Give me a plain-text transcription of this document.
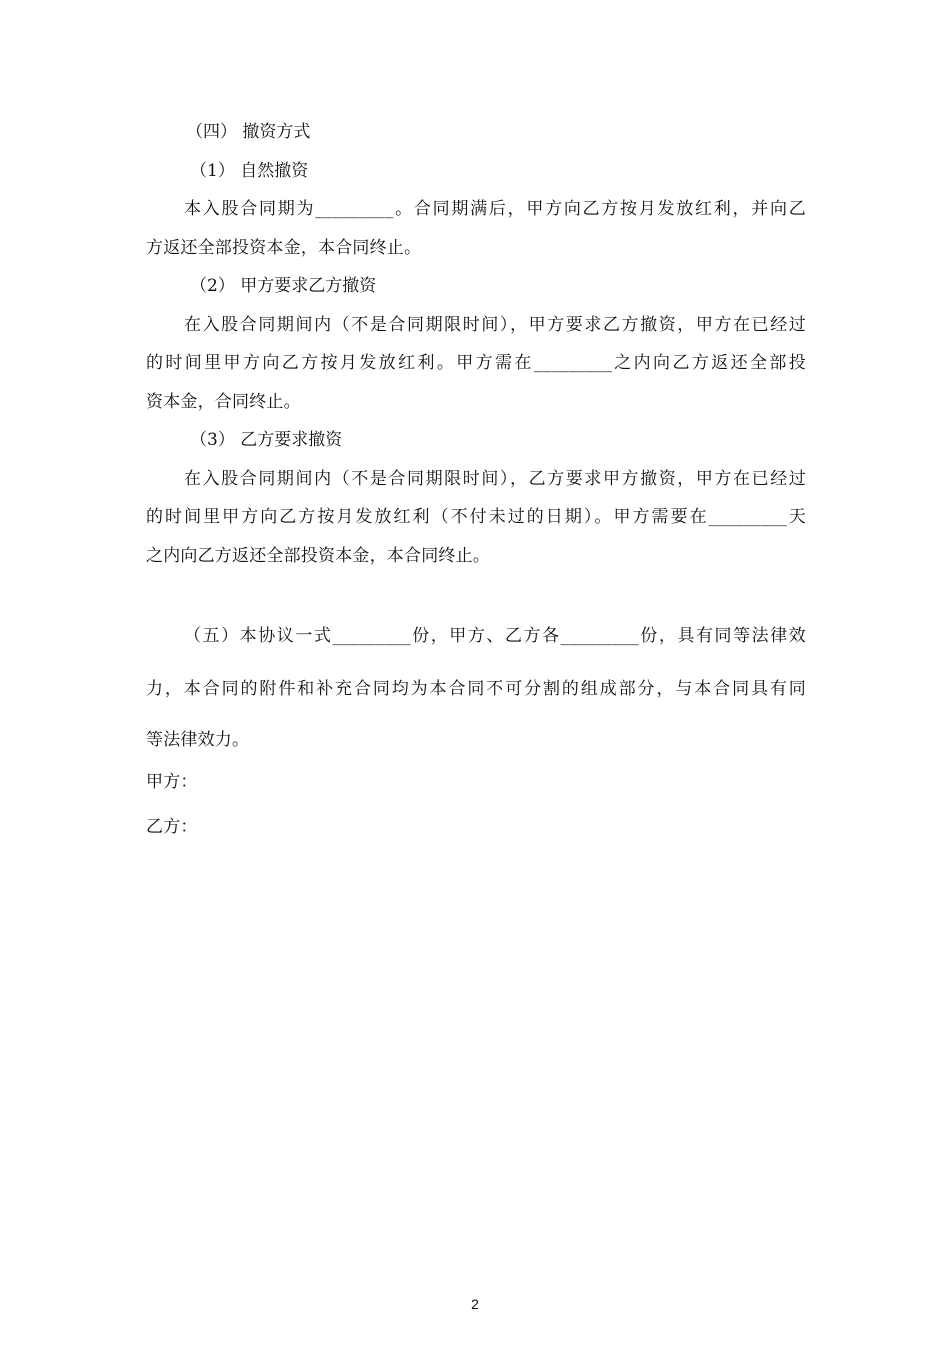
（四） 撤资方式
（1） 自然撤资
本入股合同期为_________。合同期满后，甲方向乙方按月发放红利，并向乙
方返还全部投资本金，本合同终止。
（2） 甲方要求乙方撤资
在入股合同期间内（不是合同期限时间），甲方要求乙方撤资，甲方在已经过
的时间里甲方向乙方按月发放红利。甲方需在_________之内向乙方返还全部投
资本金，合同终止。
（3） 乙方要求撤资
在入股合同期间内（不是合同期限时间），乙方要求甲方撤资，甲方在已经过
的时间里甲方向乙方按月发放红利（不付未过的日期）。甲方需要在_________天
之内向乙方返还全部投资本金，本合同终止。
（五）本协议一式_________份，甲方、乙方各_________份，具有同等法律效
力，本合同的附件和补充合同均为本合同不可分割的组成部分，与本合同具有同
等法律效力。
甲方：
乙方：
2
